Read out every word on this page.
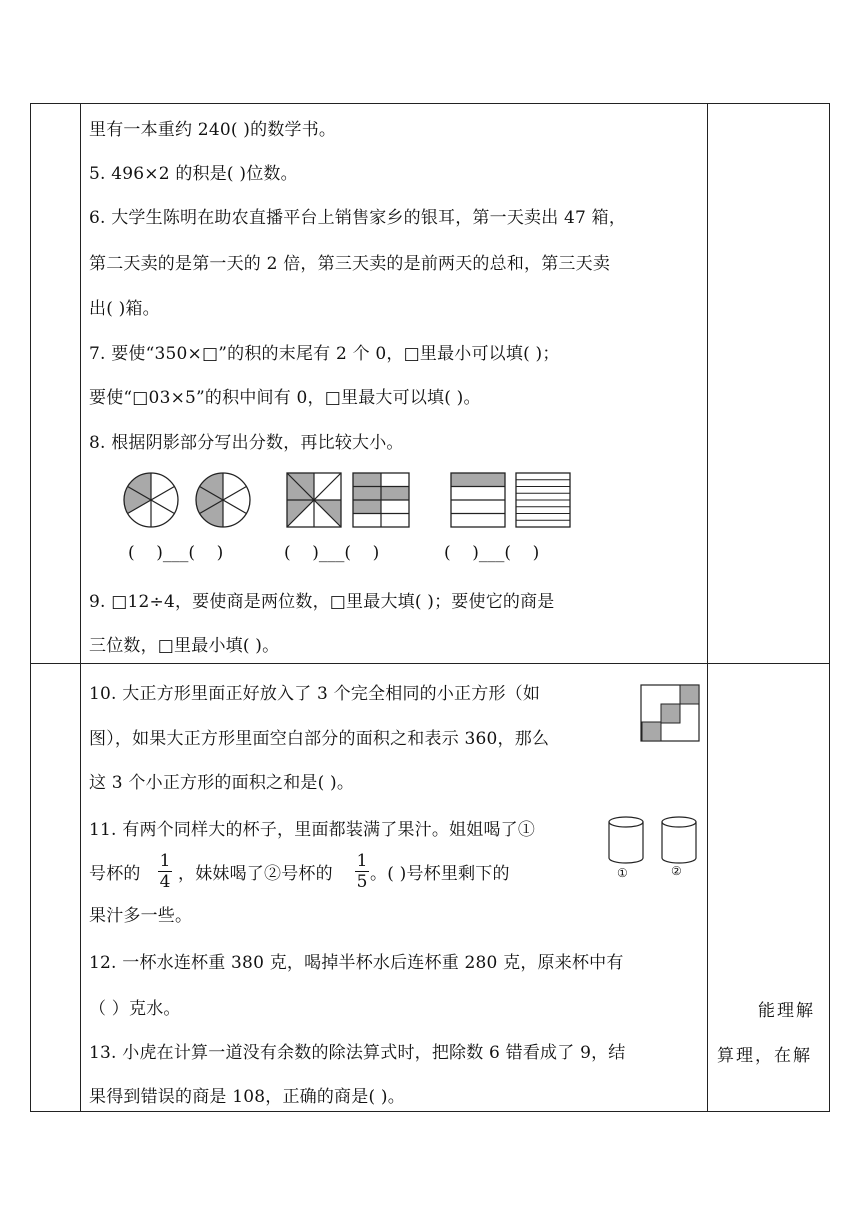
里有一本重约 240( )的数学书。
5. 496×2 的积是( )位数。
6. 大学生陈明在助农直播平台上销售家乡的银耳，第一天卖出 47 箱，
第二天卖的是第一天的 2 倍，第三天卖的是前两天的总和，第三天卖
出( )箱。
7. 要使“350×□”的积的末尾有 2 个 0，□里最小可以填( )；
要使“□03×5”的积中间有 0，□里最大可以填( )。
8. 根据阴影部分写出分数，再比较大小。
(    )___(    )	(    )___(    )	(    )___(    )
9. □12÷4，要使商是两位数，□里最大填( )；要使它的商是
三位数，□里最小填( )。
10. 大正方形里面正好放入了 3 个完全相同的小正方形（如
图），如果大正方形里面空白部分的面积之和表示 360，那么
这 3 个小正方形的面积之和是( )。
11. 有两个同样大的杯子，里面都装满了果汁。姐姐喝了①
号杯的
1
4 ，妹妹喝了②号杯的
1
5 。( )号杯里剩下的
果汁多一些。
①	②
12. 一杯水连杯重 380 克，喝掉半杯水后连杯重 280 克，原来杯中有
（ ）克水。
13. 小虎在计算一道没有余数的除法算式时，把除数 6 错看成了 9，结
果得到错误的商是 108，正确的商是( )。
能理解
算理，在解
